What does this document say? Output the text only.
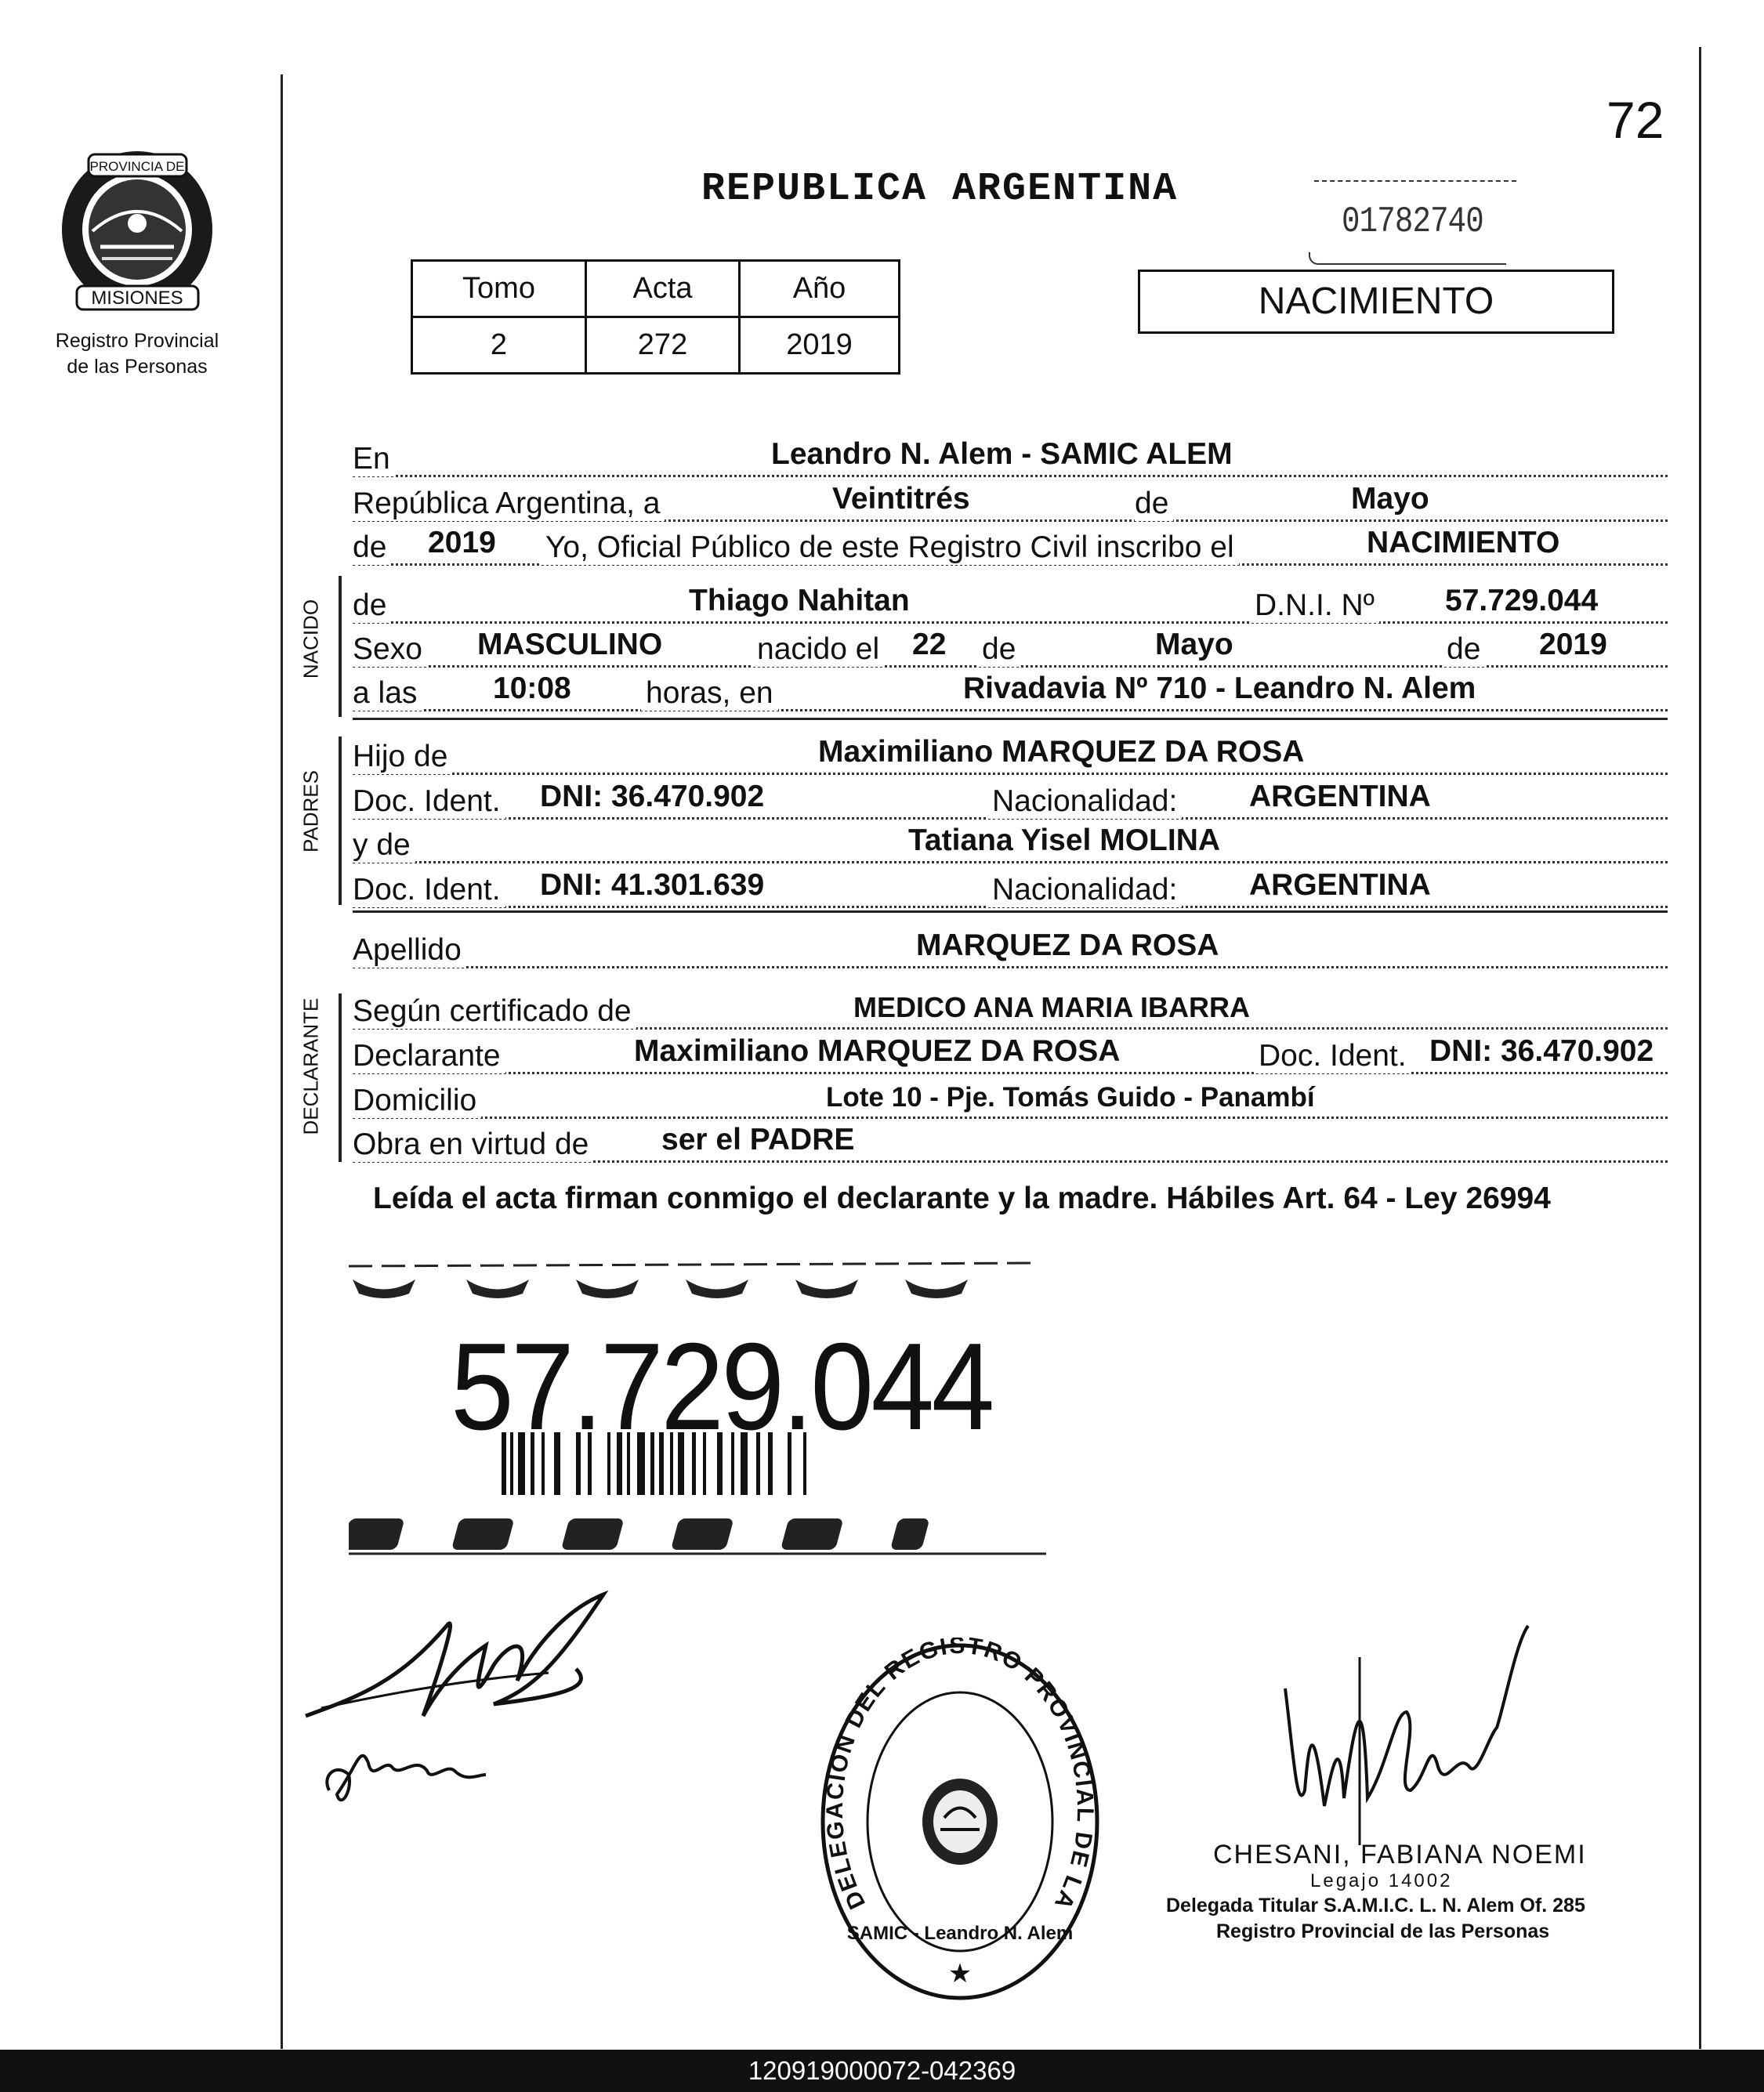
72
PROVINCIA DE
MISIONES
Registro Provincial
de las Personas
REPUBLICA ARGENTINA
01782740
Tomo	Acta	Año
2	272	2019
NACIMIENTO
En	Leandro N. Alem - SAMIC ALEM
República Argentina, a	Veintitrés	de	Mayo
de 2019 Yo, Oficial Público de este Registro Civil inscribo el	NACIMIENTO
NACIDO de	Thiago Nahitan	D.N.I. Nº 57.729.044
Sexo MASCULINO	nacido el 22 de	Mayo	de 2019
a las 10:08 horas, en	Rivadavia Nº 710 - Leandro N. Alem
PADRES
Hijo de	Maximiliano MARQUEZ DA ROSA
Doc. Ident. DNI: 36.470.902	Nacionalidad: ARGENTINA
y de	Tatiana Yisel MOLINA
Doc. Ident. DNI: 41.301.639	Nacionalidad: ARGENTINA
Apellido	MARQUEZ DA ROSA
DECLARANTE Según certificado de	MEDICO ANA MARIA IBARRA
Declarante	Maximiliano MARQUEZ DA ROSA	Doc. Ident. DNI: 36.470.902
Domicilio	Lote 10 - Pje. Tomás Guido - Panambí
Obra en virtud de ser el PADRE
Leída el acta firman conmigo el declarante y la madre. Hábiles Art. 64 - Ley 26994
57.729.044
DELEGACION DEL REGISTRO PROVINCIAL DE LA
SAMIC - Leandro N. Alem
★
CHESANI, FABIANA NOEMI
Legajo 14002
Delegada Titular S.A.M.I.C. L. N. Alem Of. 285
Registro Provincial de las Personas
120919000072-042369
